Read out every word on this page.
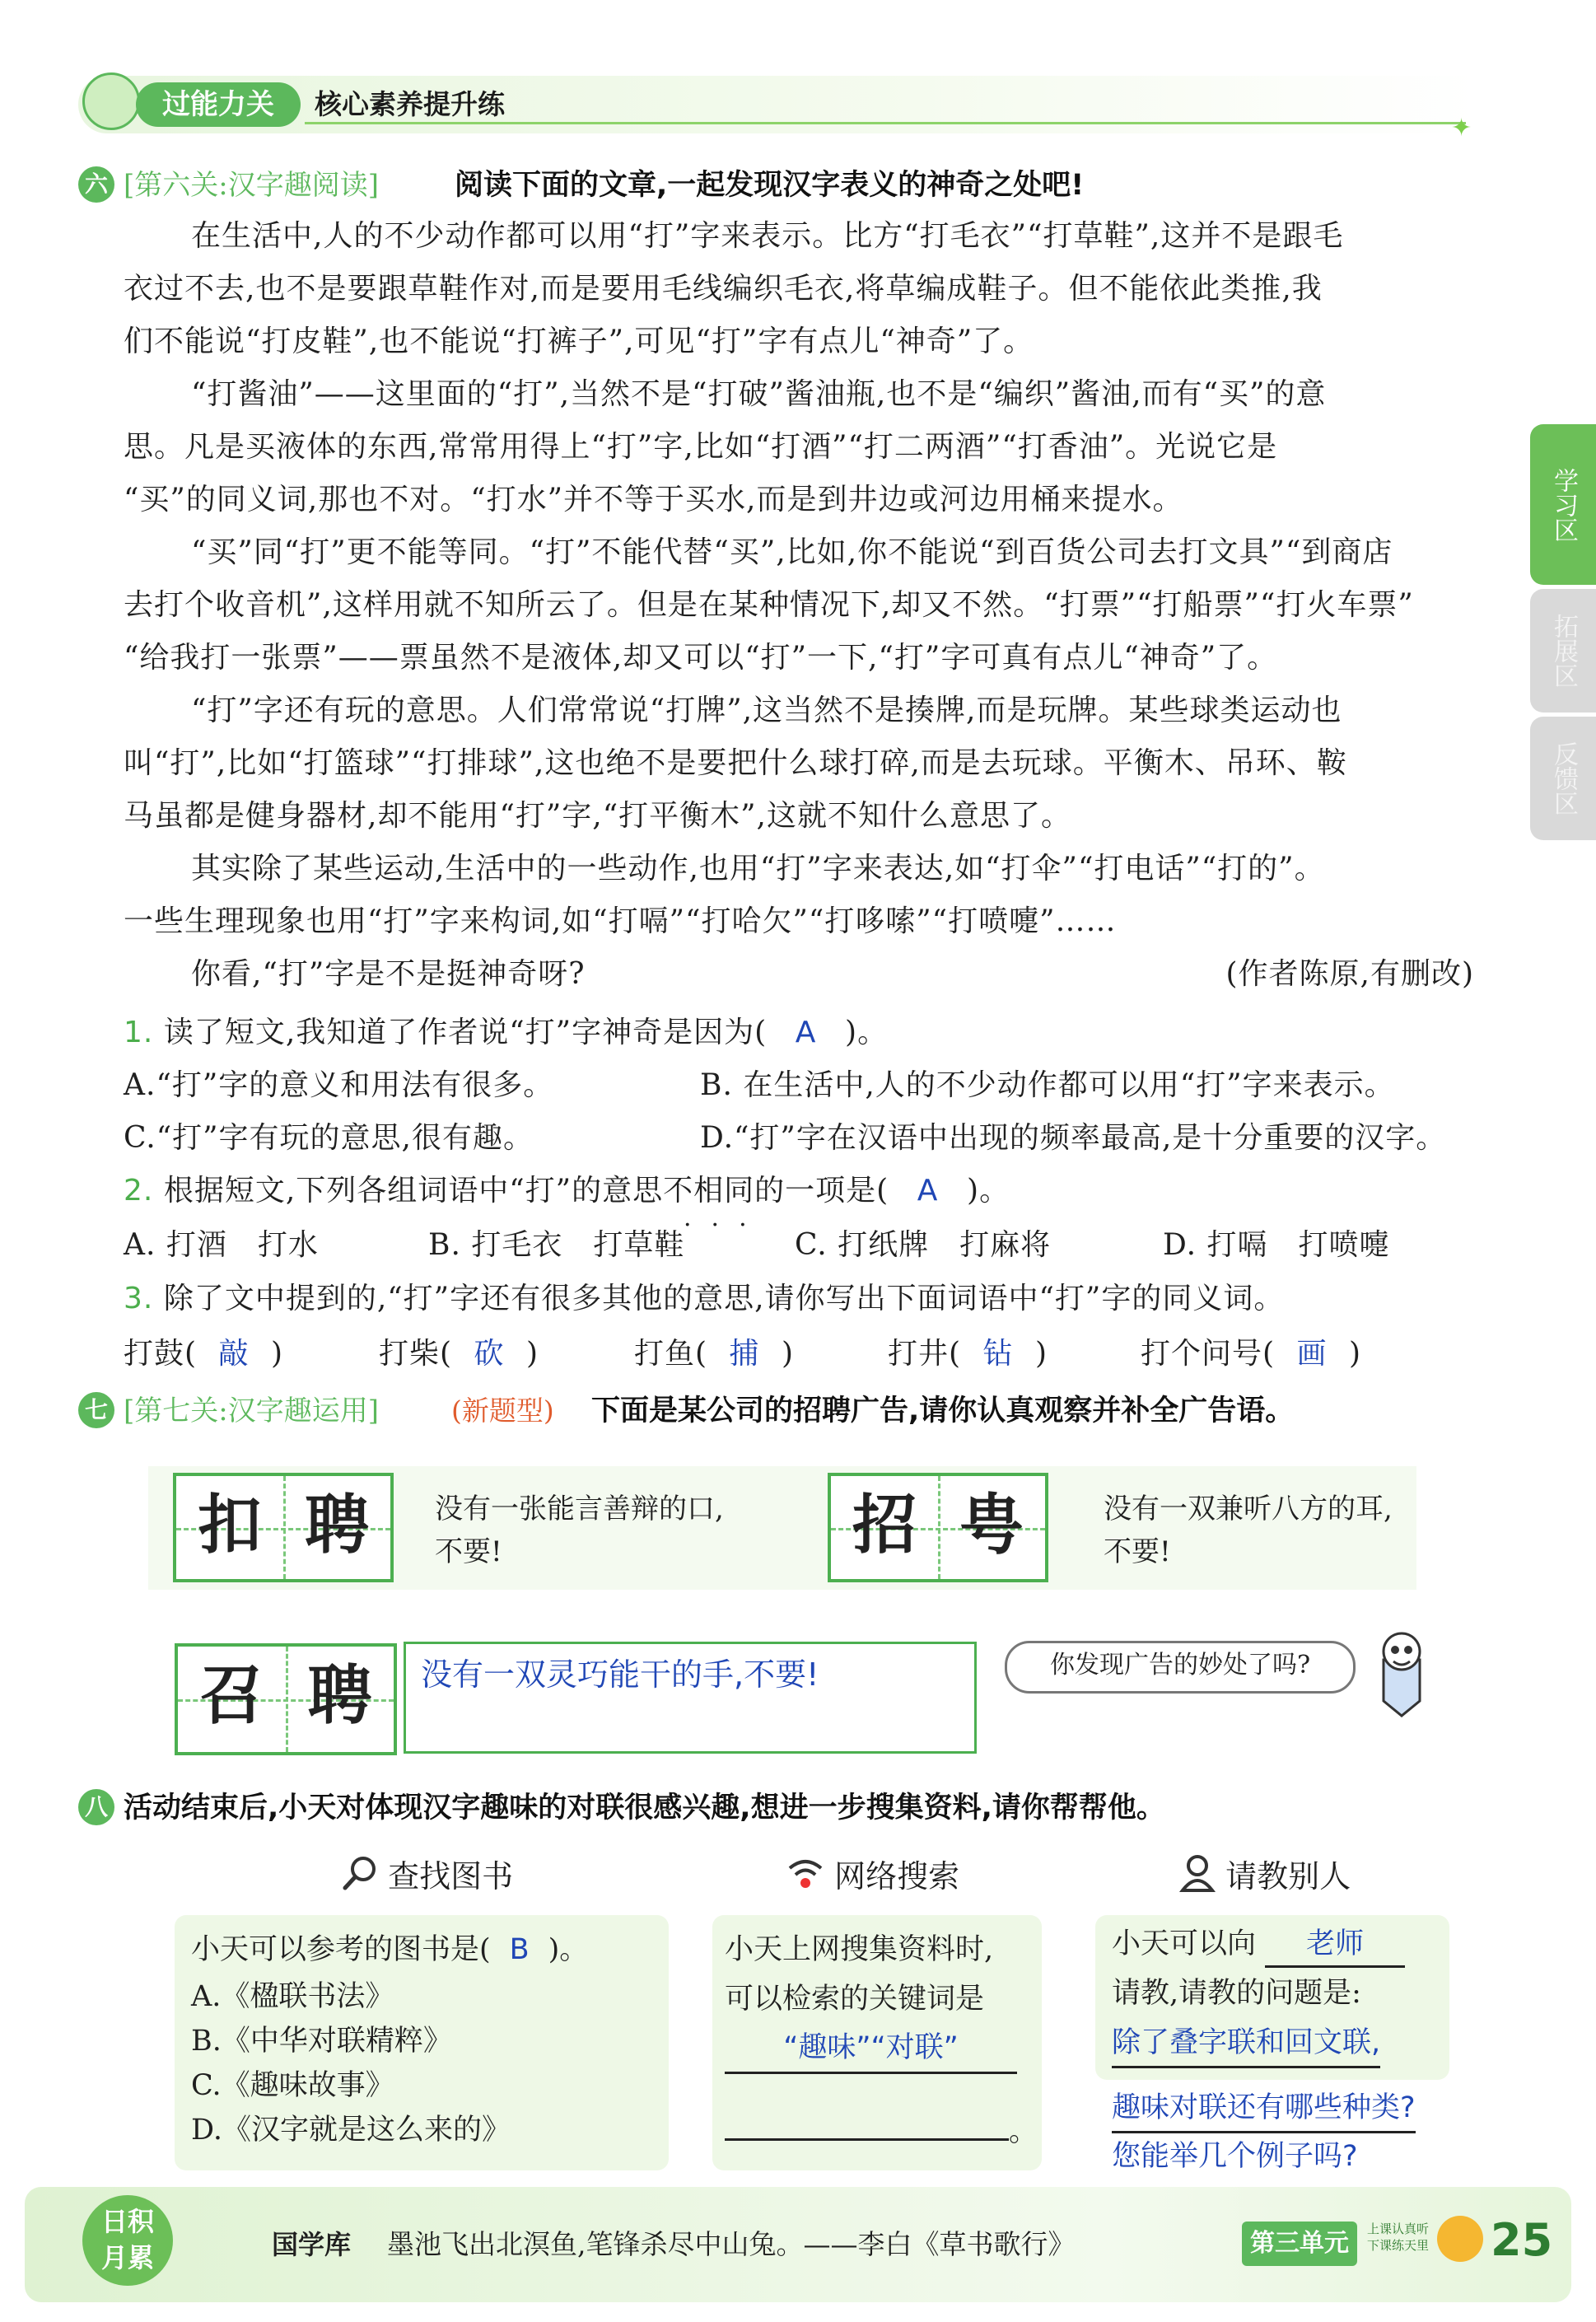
过能力关	核心素养提升练
✦
学习区
拓展区
反馈区
六 [第六关:汉字趣阅读]	阅读下面的文章,一起发现汉字表义的神奇之处吧!
在生活中,人的不少动作都可以用“打”字来表示。比方“打毛衣”“打草鞋”,这并不是跟毛
衣过不去,也不是要跟草鞋作对,而是要用毛线编织毛衣,将草编成鞋子。但不能依此类推,我
们不能说“打皮鞋”,也不能说“打裤子”,可见“打”字有点儿“神奇”了。
“打酱油”——这里面的“打”,当然不是“打破”酱油瓶,也不是“编织”酱油,而有“买”的意
思。凡是买液体的东西,常常用得上“打”字,比如“打酒”“打二两酒”“打香油”。光说它是
“买”的同义词,那也不对。“打水”并不等于买水,而是到井边或河边用桶来提水。
“买”同“打”更不能等同。“打”不能代替“买”,比如,你不能说“到百货公司去打文具”“到商店
去打个收音机”,这样用就不知所云了。但是在某种情况下,却又不然。“打票”“打船票”“打火车票”
“给我打一张票”——票虽然不是液体,却又可以“打”一下,“打”字可真有点儿“神奇”了。
“打”字还有玩的意思。人们常常说“打牌”,这当然不是揍牌,而是玩牌。某些球类运动也
叫“打”,比如“打篮球”“打排球”,这也绝不是要把什么球打碎,而是去玩球。平衡木、吊环、鞍
马虽都是健身器材,却不能用“打”字,“打平衡木”,这就不知什么意思了。
其实除了某些运动,生活中的一些动作,也用“打”字来表达,如“打伞”“打电话”“打的”。
一些生理现象也用“打”字来构词,如“打嗝”“打哈欠”“打哆嗦”“打喷嚏”……
你看,“打”字是不是挺神奇呀?	(作者陈原,有删改)
1. 读了短文,我知道了作者说“打”字神奇是因为( A )。
A.“打”字的意义和用法有很多。	B. 在生活中,人的不少动作都可以用“打”字来表示。
C.“打”字有玩的意思,很有趣。	D.“打”字在汉语中出现的频率最高,是十分重要的汉字。
2. 根据短文,下列各组词语中“打”的意思不相同的一项是( A )。
···
A. 打酒　打水	B. 打毛衣　打草鞋	C. 打纸牌　打麻将	D. 打嗝　打喷嚏
3. 除了文中提到的,“打”字还有很多其他的意思,请你写出下面词语中“打”字的同义词。
打鼓( 敲 )	打柴( 砍 )	打鱼( 捕 )	打井( 钻 )	打个问号( 画 )
七 [第七关:汉字趣运用]	(新题型) 下面是某公司的招聘广告,请你认真观察并补全广告语。
扣 聘	没有一张能言善辩的口,
不要!	招 甹	没有一双兼听八方的耳,
不要!
召 聘	没有一双灵巧能干的手,不要!	你发现广告的妙处了吗?
八 活动结束后,小天对体现汉字趣味的对联很感兴趣,想进一步搜集资料,请你帮帮他。
查找图书	网络搜索	请教别人
小天可以参考的图书是( B )。
A.《楹联书法》
B.《中华对联精粹》
C.《趣味故事》
D.《汉字就是这么来的》
小天上网搜集资料时,
可以检索的关键词是
“趣味”“对联”
。
小天可以向 老师
请教,请教的问题是:
除了叠字联和回文联, 趣味对联还有哪些种类?
您能举几个例子吗?
日积
月累	国学库 墨池飞出北溟鱼,笔锋杀尽中山兔。——李白《草书歌行》	第三单元	上课认真听
下课练天里 25
